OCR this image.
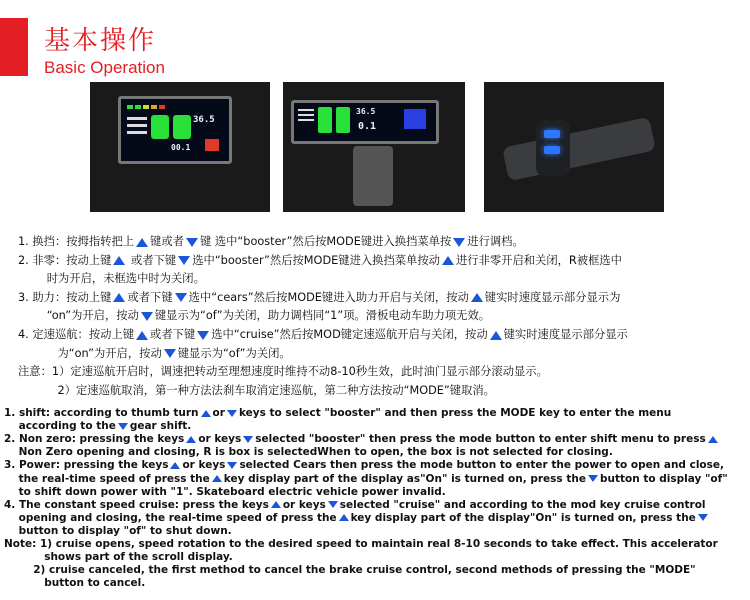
基本操作
Basic Operation
36.5
00.1
36.5
0.1
1. 换挡：按拇指转把上 键或者 键 选中“booster”然后按MODE键进入换挡菜单按 进行调档。
2. 非零：按动上键 或者下键 选中“booster”然后按MODE键进入换挡菜单按动 进行非零开启和关闭，R被框选中
时为开启，未框选中时为关闭。
3. 助力：按动上键 或者下键 选中“cears”然后按MODE键进入助力开启与关闭，按动 键实时速度显示部分显示为
“on”为开启，按动 键显示为“of”为关闭，助力调档同“1”项。滑板电动车助力项无效。
4. 定速巡航：按动上键 或者下键 选中“cruise”然后按MOD键定速巡航开启与关闭，按动 键实时速度显示部分显示
为“on”为开启，按动 键显示为“of”为关闭。
注意：1）定速巡航开启时，调速把转动至理想速度时维持不动8-10秒生效，此时油门显示部分滚动显示。
2）定速巡航取消，第一种方法法刹车取消定速巡航，第二种方法按动“MODE”键取消。
1. shift: according to thumb turn or keys to select "booster" and then press the MODE key to enter the menu
according to the gear shift.
2. Non zero: pressing the keys or keys selected "booster" then press the mode button to enter shift menu to press
Non Zero opening and closing, R is box is selectedWhen to open, the box is not selected for closing.
3. Power: pressing the keys or keys selected Cears then press the mode button to enter the power to open and close,
the real-time speed of press the key display part of the display as"On" is turned on, press the button to display "of"
to shift down power with "1". Skateboard electric vehicle power invalid.
4. The constant speed cruise: press the keys or keys selected "cruise" and according to the mod key cruise control
opening and closing, the real-time speed of press the key display part of the display"On" is turned on, press the
button to display "of" to shut down.
Note: 1) cruise opens, speed rotation to the desired speed to maintain real 8-10 seconds to take effect. This accelerator
shows part of the scroll display.
2) cruise canceled, the first method to cancel the brake cruise control, second methods of pressing the "MODE"
button to cancel.
